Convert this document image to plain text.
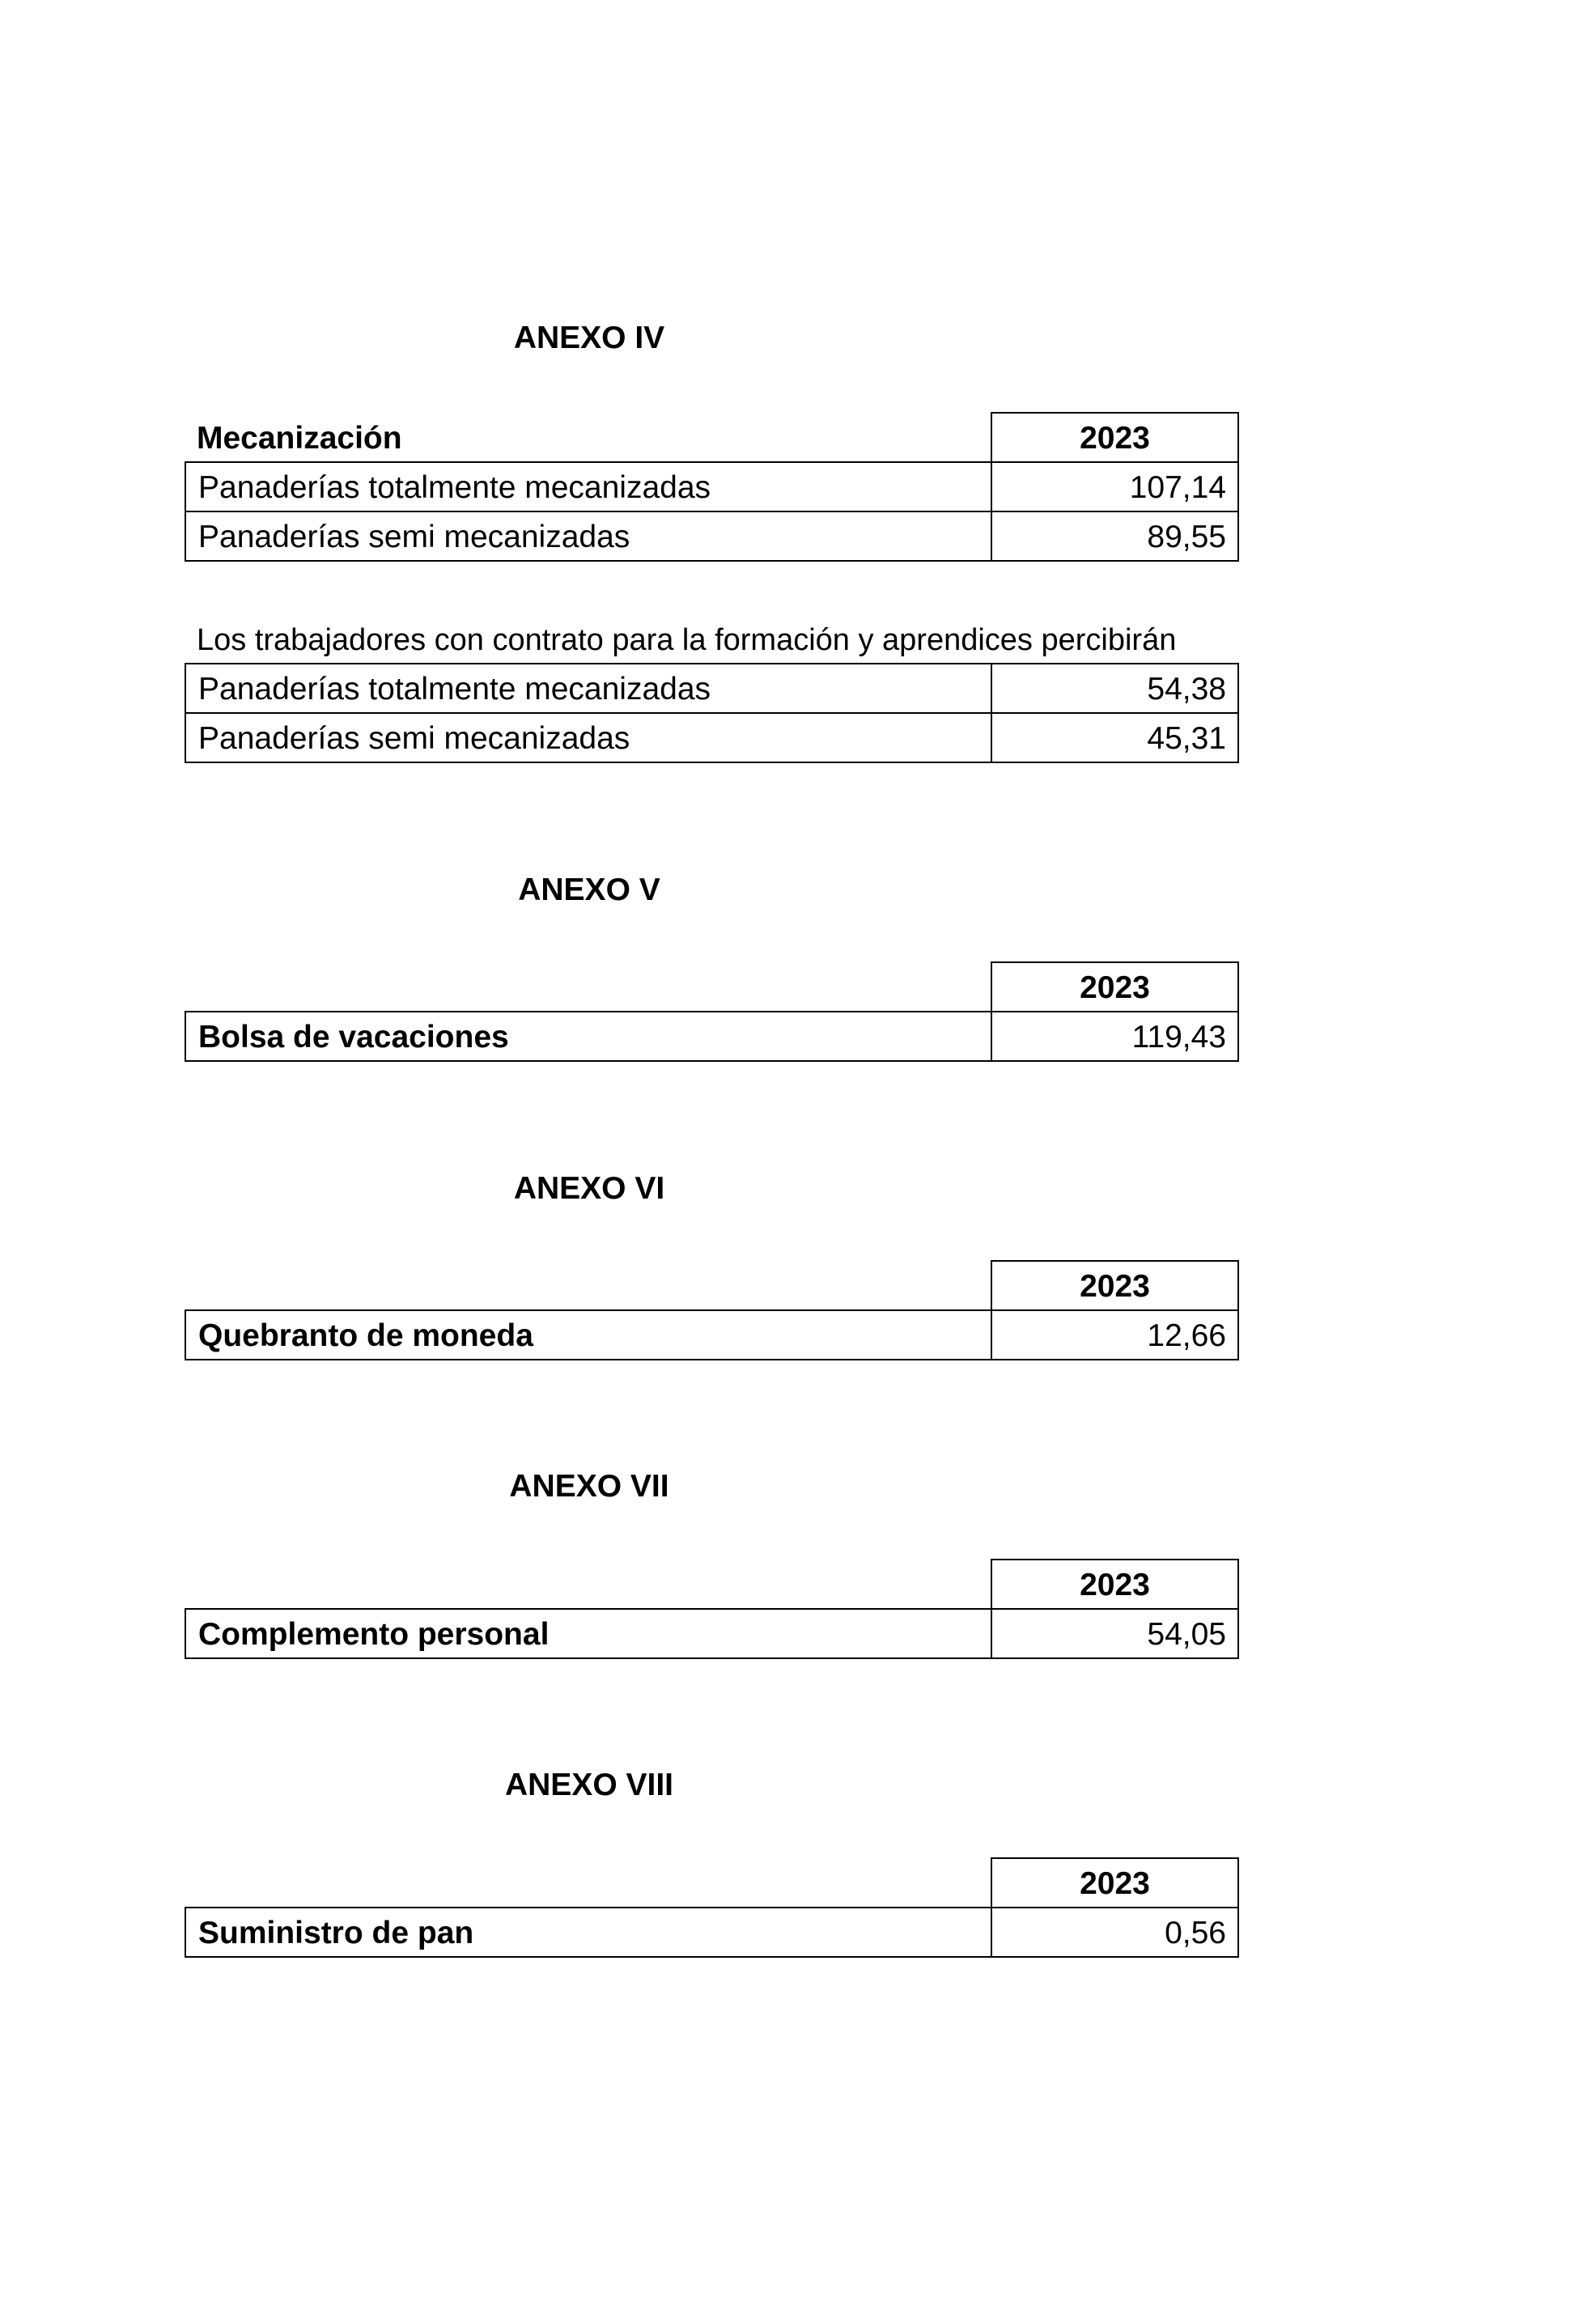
ANEXO IV
Mecanización	2023
Panaderías totalmente mecanizadas	107,14
Panaderías semi mecanizadas	89,55
Los trabajadores con contrato para la formación y aprendices percibirán
Panaderías totalmente mecanizadas	54,38
Panaderías semi mecanizadas	45,31
ANEXO V
2023
Bolsa de vacaciones	119,43
ANEXO VI
2023
Quebranto de moneda	12,66
ANEXO VII
2023
Complemento personal	54,05
ANEXO VIII
2023
Suministro de pan	0,56
